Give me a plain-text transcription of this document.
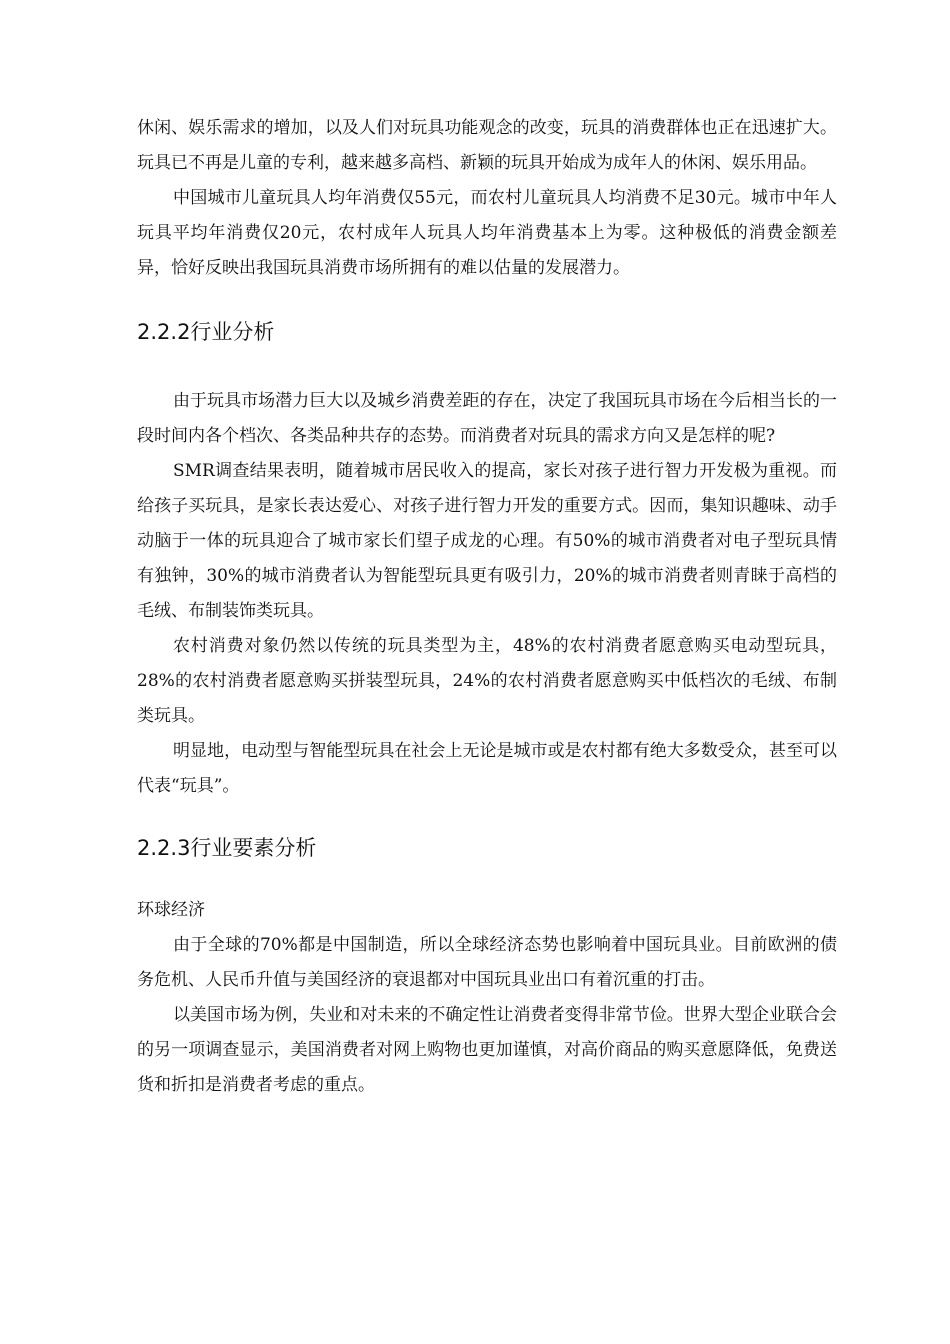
休闲、娱乐需求的增加，以及人们对玩具功能观念的改变，玩具的消费群体也正在迅速扩大。玩具已不再是儿童的专利，越来越多高档、新颖的玩具开始成为成年人的休闲、娱乐用品。

中国城市儿童玩具人均年消费仅55元，而农村儿童玩具人均消费不足30元。城市中年人玩具平均年消费仅20元，农村成年人玩具人均年消费基本上为零。这种极低的消费金额差异，恰好反映出我国玩具消费市场所拥有的难以估量的发展潜力。

2.2.2行业分析

由于玩具市场潜力巨大以及城乡消费差距的存在，决定了我国玩具市场在今后相当长的一段时间内各个档次、各类品种共存的态势。而消费者对玩具的需求方向又是怎样的呢?

SMR调查结果表明，随着城市居民收入的提高，家长对孩子进行智力开发极为重视。而给孩子买玩具，是家长表达爱心、对孩子进行智力开发的重要方式。因而，集知识趣味、动手动脑于一体的玩具迎合了城市家长们望子成龙的心理。有50%的城市消费者对电子型玩具情有独钟，30%的城市消费者认为智能型玩具更有吸引力，20%的城市消费者则青睐于高档的毛绒、布制装饰类玩具。

农村消费对象仍然以传统的玩具类型为主，48%的农村消费者愿意购买电动型玩具，28%的农村消费者愿意购买拼装型玩具，24%的农村消费者愿意购买中低档次的毛绒、布制类玩具。

明显地，电动型与智能型玩具在社会上无论是城市或是农村都有绝大多数受众，甚至可以代表“玩具”。

2.2.3行业要素分析

环球经济

由于全球的70%都是中国制造，所以全球经济态势也影响着中国玩具业。目前欧洲的债务危机、人民币升值与美国经济的衰退都对中国玩具业出口有着沉重的打击。

以美国市场为例，失业和对未来的不确定性让消费者变得非常节俭。世界大型企业联合会的另一项调查显示，美国消费者对网上购物也更加谨慎，对高价商品的购买意愿降低，免费送货和折扣是消费者考虑的重点。
